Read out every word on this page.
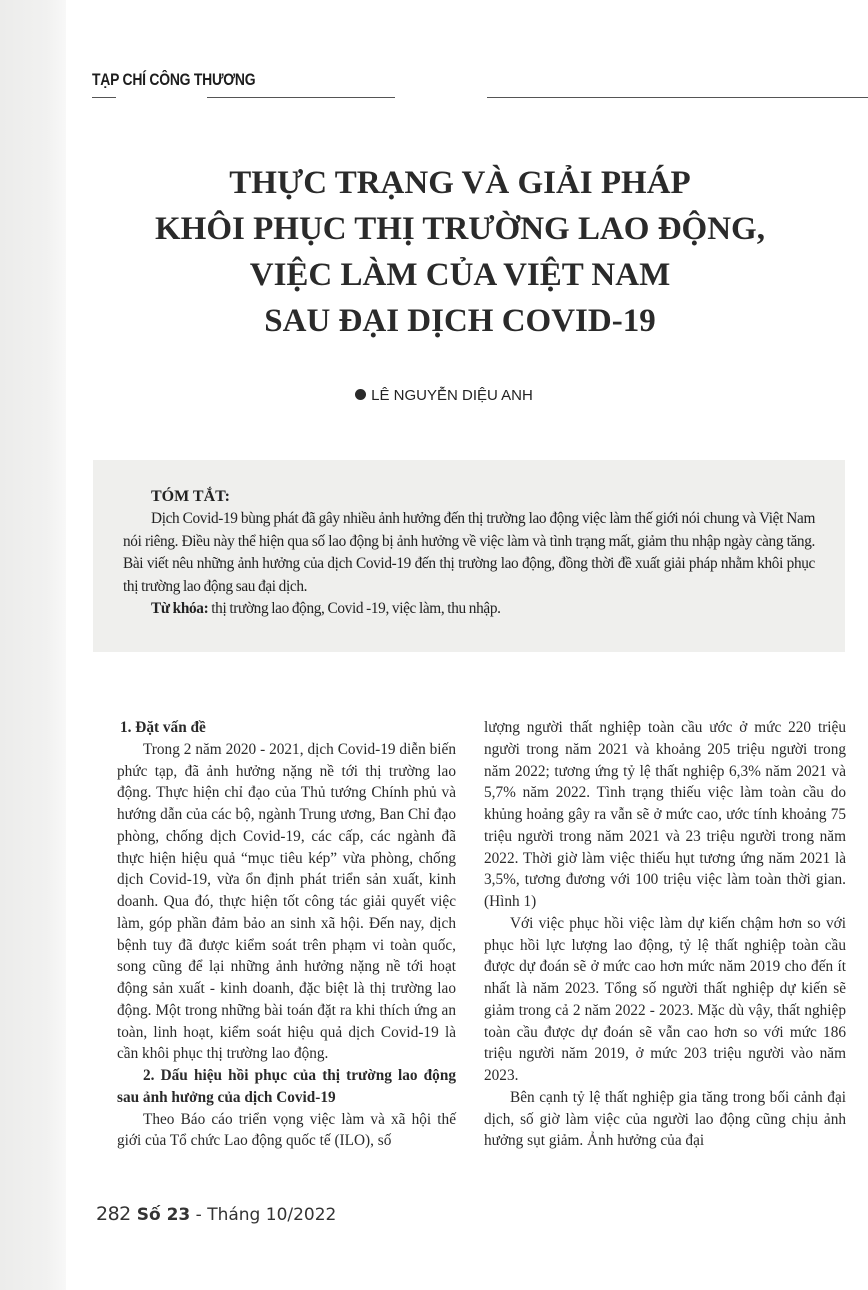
TẠP CHÍ CÔNG THƯƠNG
THỰC TRẠNG VÀ GIẢI PHÁP
KHÔI PHỤC THỊ TRƯỜNG LAO ĐỘNG,
VIỆC LÀM CỦA VIỆT NAM
SAU ĐẠI DỊCH COVID-19
LÊ NGUYỄN DIỆU ANH
TÓM TẮT:

Dịch Covid-19 bùng phát đã gây nhiều ảnh hưởng đến thị trường lao động việc làm thế giới nói chung và Việt Nam nói riêng. Điều này thể hiện qua số lao động bị ảnh hưởng về việc làm và tình trạng mất, giảm thu nhập ngày càng tăng. Bài viết nêu những ảnh hưởng của dịch Covid-19 đến thị trường lao động, đồng thời đề xuất giải pháp nhằm khôi phục thị trường lao động sau đại dịch.

Từ khóa: thị trường lao động, Covid -19, việc làm, thu nhập.

1. Đặt vấn đề

Trong 2 năm 2020 - 2021, dịch Covid-19 diễn biến phức tạp, đã ảnh hưởng nặng nề tới thị trường lao động. Thực hiện chỉ đạo của Thủ tướng Chính phủ và hướng dẫn của các bộ, ngành Trung ương, Ban Chỉ đạo phòng, chống dịch Covid-19, các cấp, các ngành đã thực hiện hiệu quả “mục tiêu kép” vừa phòng, chống dịch Covid-19, vừa ổn định phát triển sản xuất, kinh doanh. Qua đó, thực hiện tốt công tác giải quyết việc làm, góp phần đảm bảo an sinh xã hội. Đến nay, dịch bệnh tuy đã được kiểm soát trên phạm vi toàn quốc, song cũng để lại những ảnh hưởng nặng nề tới hoạt động sản xuất - kinh doanh, đặc biệt là thị trường lao động. Một trong những bài toán đặt ra khi thích ứng an toàn, linh hoạt, kiểm soát hiệu quả dịch Covid-19 là cần khôi phục thị trường lao động.

2. Dấu hiệu hồi phục của thị trường lao động sau ảnh hưởng của dịch Covid-19

Theo Báo cáo triển vọng việc làm và xã hội thế giới của Tổ chức Lao động quốc tế (ILO), số

lượng người thất nghiệp toàn cầu ước ở mức 220 triệu người trong năm 2021 và khoảng 205 triệu người trong năm 2022; tương ứng tỷ lệ thất nghiệp 6,3% năm 2021 và 5,7% năm 2022. Tình trạng thiếu việc làm toàn cầu do khủng hoảng gây ra vẫn sẽ ở mức cao, ước tính khoảng 75 triệu người trong năm 2021 và 23 triệu người trong năm 2022. Thời giờ làm việc thiếu hụt tương ứng năm 2021 là 3,5%, tương đương với 100 triệu việc làm toàn thời gian. (Hình 1)

Với việc phục hồi việc làm dự kiến chậm hơn so với phục hồi lực lượng lao động, tỷ lệ thất nghiệp toàn cầu được dự đoán sẽ ở mức cao hơn mức năm 2019 cho đến ít nhất là năm 2023. Tổng số người thất nghiệp dự kiến sẽ giảm trong cả 2 năm 2022 - 2023. Mặc dù vậy, thất nghiệp toàn cầu được dự đoán sẽ vẫn cao hơn so với mức 186 triệu người năm 2019, ở mức 203 triệu người vào năm 2023.

Bên cạnh tỷ lệ thất nghiệp gia tăng trong bối cảnh đại dịch, số giờ làm việc của người lao động cũng chịu ảnh hưởng sụt giảm. Ảnh hưởng của đại

282 Số 23 - Tháng 10/2022
